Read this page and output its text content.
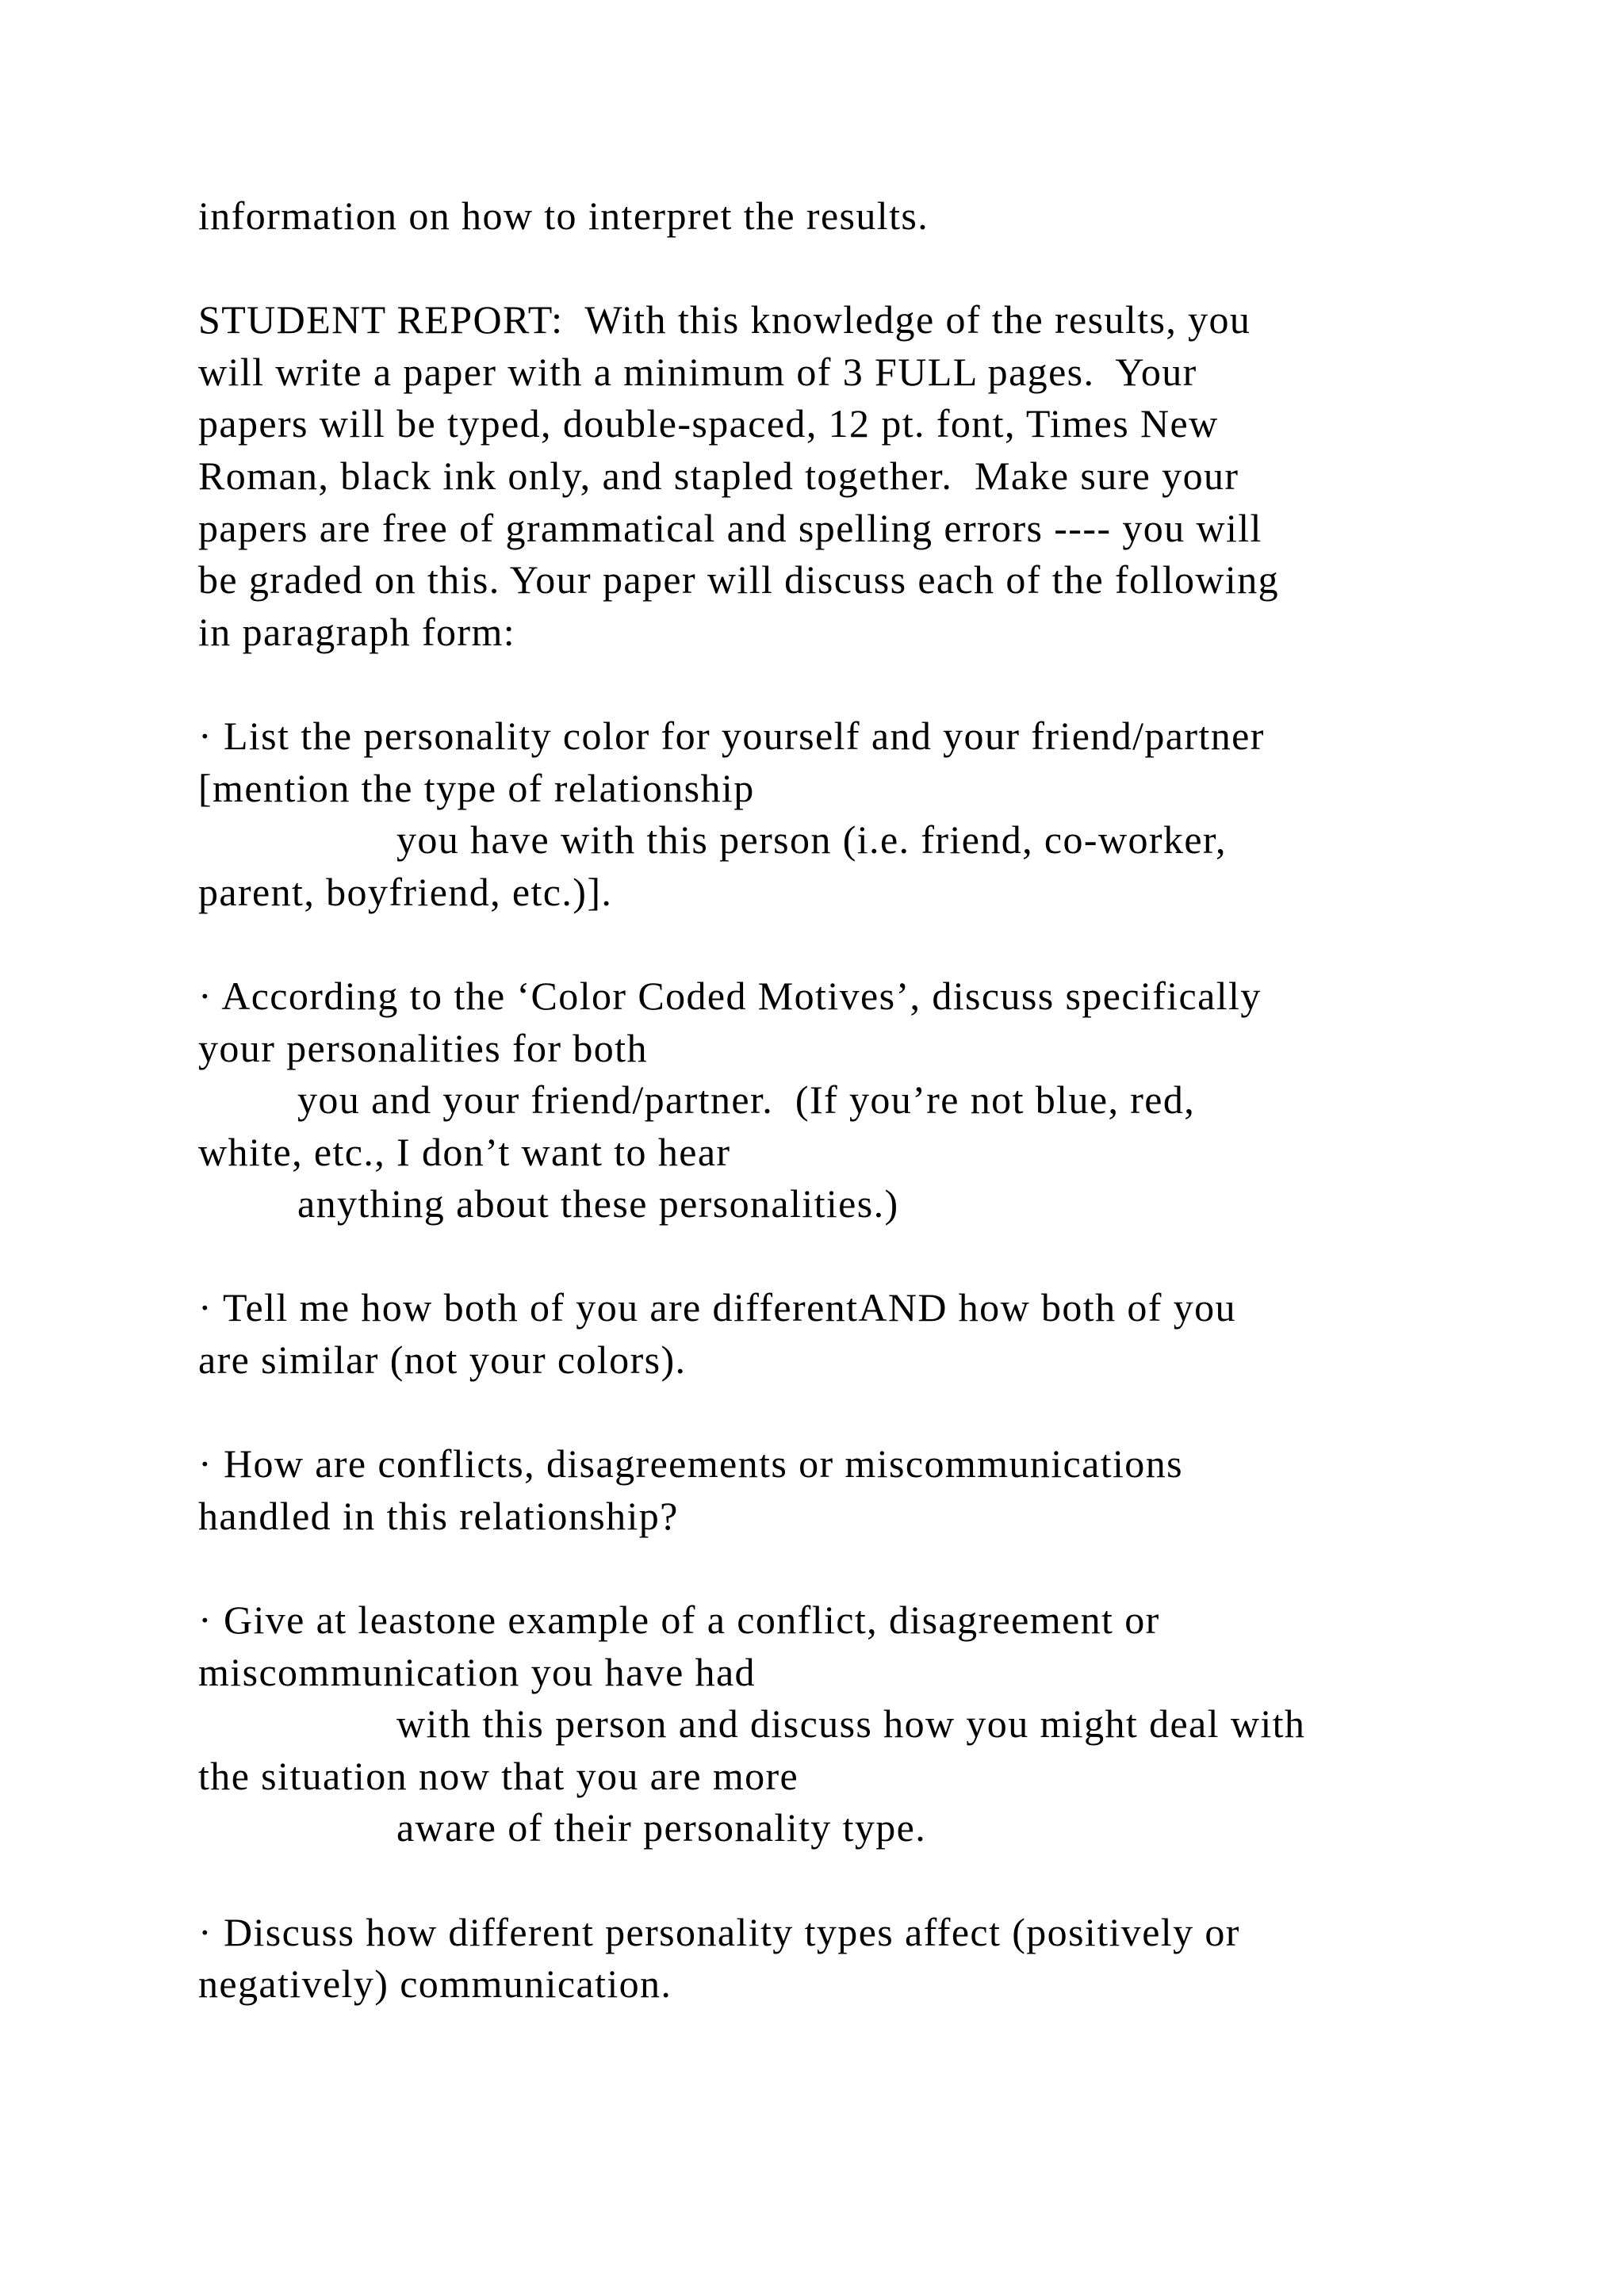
information on how to interpret the results.
STUDENT REPORT:  With this knowledge of the results, you
will write a paper with a minimum of 3 FULL pages.  Your
papers will be typed, double-spaced, 12 pt. font, Times New
Roman, black ink only, and stapled together.  Make sure your
papers are free of grammatical and spelling errors ---- you will
be graded on this. Your paper will discuss each of the following
in paragraph form:
· List the personality color for yourself and your friend/partner
[mention the type of relationship
you have with this person (i.e. friend, co-worker,
parent, boyfriend, etc.)].
· According to the ‘Color Coded Motives’, discuss specifically
your personalities for both
you and your friend/partner.  (If you’re not blue, red,
white, etc., I don’t want to hear
anything about these personalities.)
· Tell me how both of you are differentAND how both of you
are similar (not your colors).
· How are conflicts, disagreements or miscommunications
handled in this relationship?
· Give at leastone example of a conflict, disagreement or
miscommunication you have had
with this person and discuss how you might deal with
the situation now that you are more
aware of their personality type.
· Discuss how different personality types affect (positively or
negatively) communication.
